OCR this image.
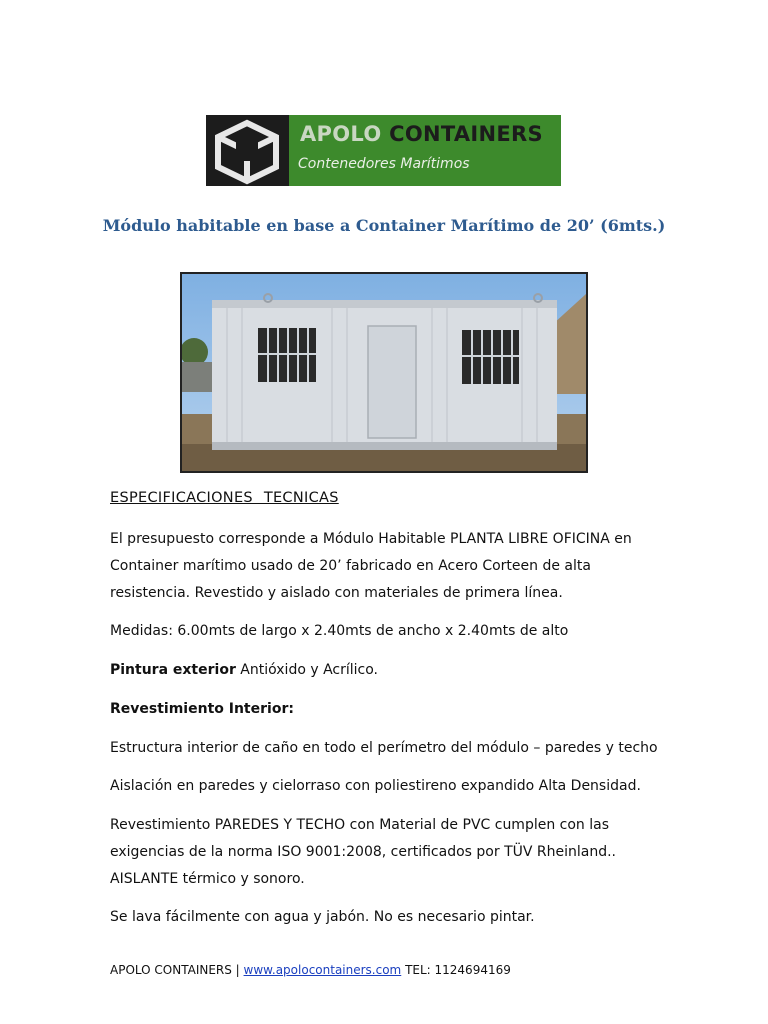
APOLO CONTAINERS
Contenedores Marítimos
Módulo habitable en base a Container Marítimo de 20’ (6mts.)
ESPECIFICACIONES TECNICAS

El presupuesto corresponde a Módulo Habitable PLANTA LIBRE OFICINA en Container marítimo usado de 20’ fabricado en Acero Corteen de alta resistencia. Revestido y aislado con materiales de primera línea.

Medidas: 6.00mts de largo x 2.40mts de ancho x 2.40mts de alto

Pintura exterior Antióxido y Acrílico.

Revestimiento Interior:

Estructura interior de caño en todo el perímetro del módulo – paredes y techo

Aislación en paredes y cielorraso con poliestireno expandido Alta Densidad.

Revestimiento PAREDES Y TECHO con Material de PVC cumplen con las exigencias de la norma ISO 9001:2008, certificados por TÜV Rheinland.. AISLANTE térmico y sonoro.

Se lava fácilmente con agua y jabón. No es necesario pintar.

APOLO CONTAINERS | www.apolocontainers.com TEL: 1124694169
